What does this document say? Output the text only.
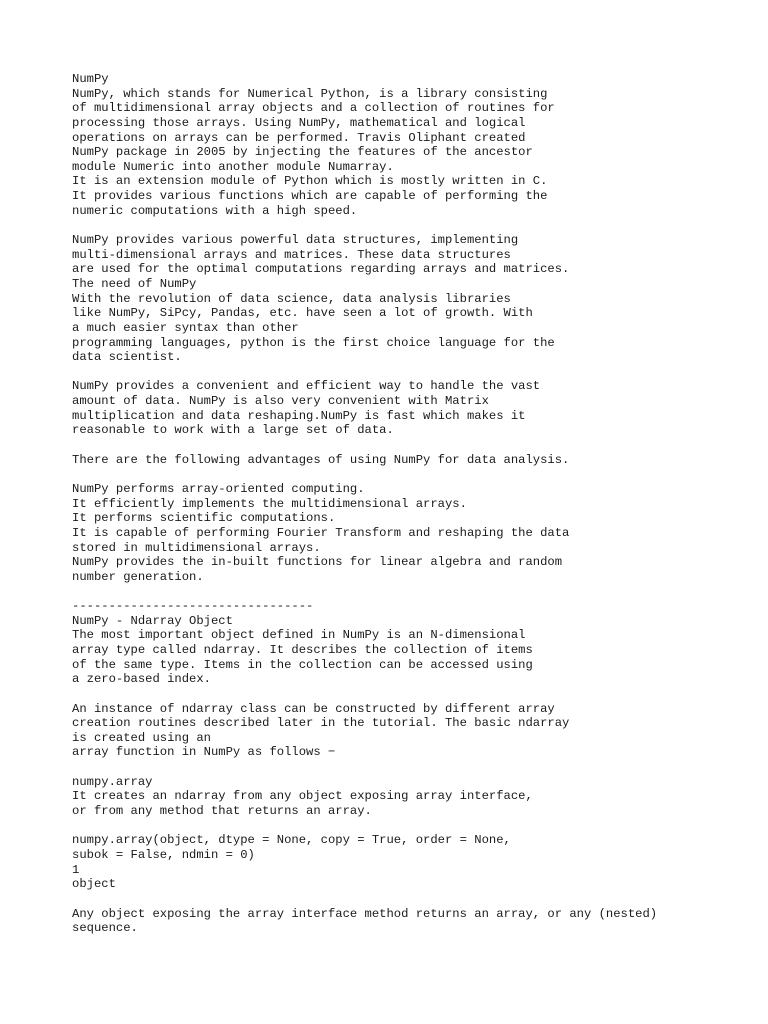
NumPy
NumPy, which stands for Numerical Python, is a library consisting
of multidimensional array objects and a collection of routines for
processing those arrays. Using NumPy, mathematical and logical
operations on arrays can be performed. Travis Oliphant created
NumPy package in 2005 by injecting the features of the ancestor
module Numeric into another module Numarray.
It is an extension module of Python which is mostly written in C.
It provides various functions which are capable of performing the
numeric computations with a high speed.
NumPy provides various powerful data structures, implementing
multi-dimensional arrays and matrices. These data structures
are used for the optimal computations regarding arrays and matrices.
The need of NumPy
With the revolution of data science, data analysis libraries
like NumPy, SiPcy, Pandas, etc. have seen a lot of growth. With
a much easier syntax than other
programming languages, python is the first choice language for the
data scientist.
NumPy provides a convenient and efficient way to handle the vast
amount of data. NumPy is also very convenient with Matrix
multiplication and data reshaping.NumPy is fast which makes it
reasonable to work with a large set of data.
There are the following advantages of using NumPy for data analysis.
NumPy performs array-oriented computing.
It efficiently implements the multidimensional arrays.
It performs scientific computations.
It is capable of performing Fourier Transform and reshaping the data
stored in multidimensional arrays.
NumPy provides the in-built functions for linear algebra and random
number generation.
---------------------------------
NumPy - Ndarray Object
The most important object defined in NumPy is an N-dimensional
array type called ndarray. It describes the collection of items
of the same type. Items in the collection can be accessed using
a zero-based index.
An instance of ndarray class can be constructed by different array
creation routines described later in the tutorial. The basic ndarray
is created using an
array function in NumPy as follows −
numpy.array
It creates an ndarray from any object exposing array interface,
or from any method that returns an array.
numpy.array(object, dtype = None, copy = True, order = None,
subok = False, ndmin = 0)
1
object
Any object exposing the array interface method returns an array, or any (nested)
sequence.
